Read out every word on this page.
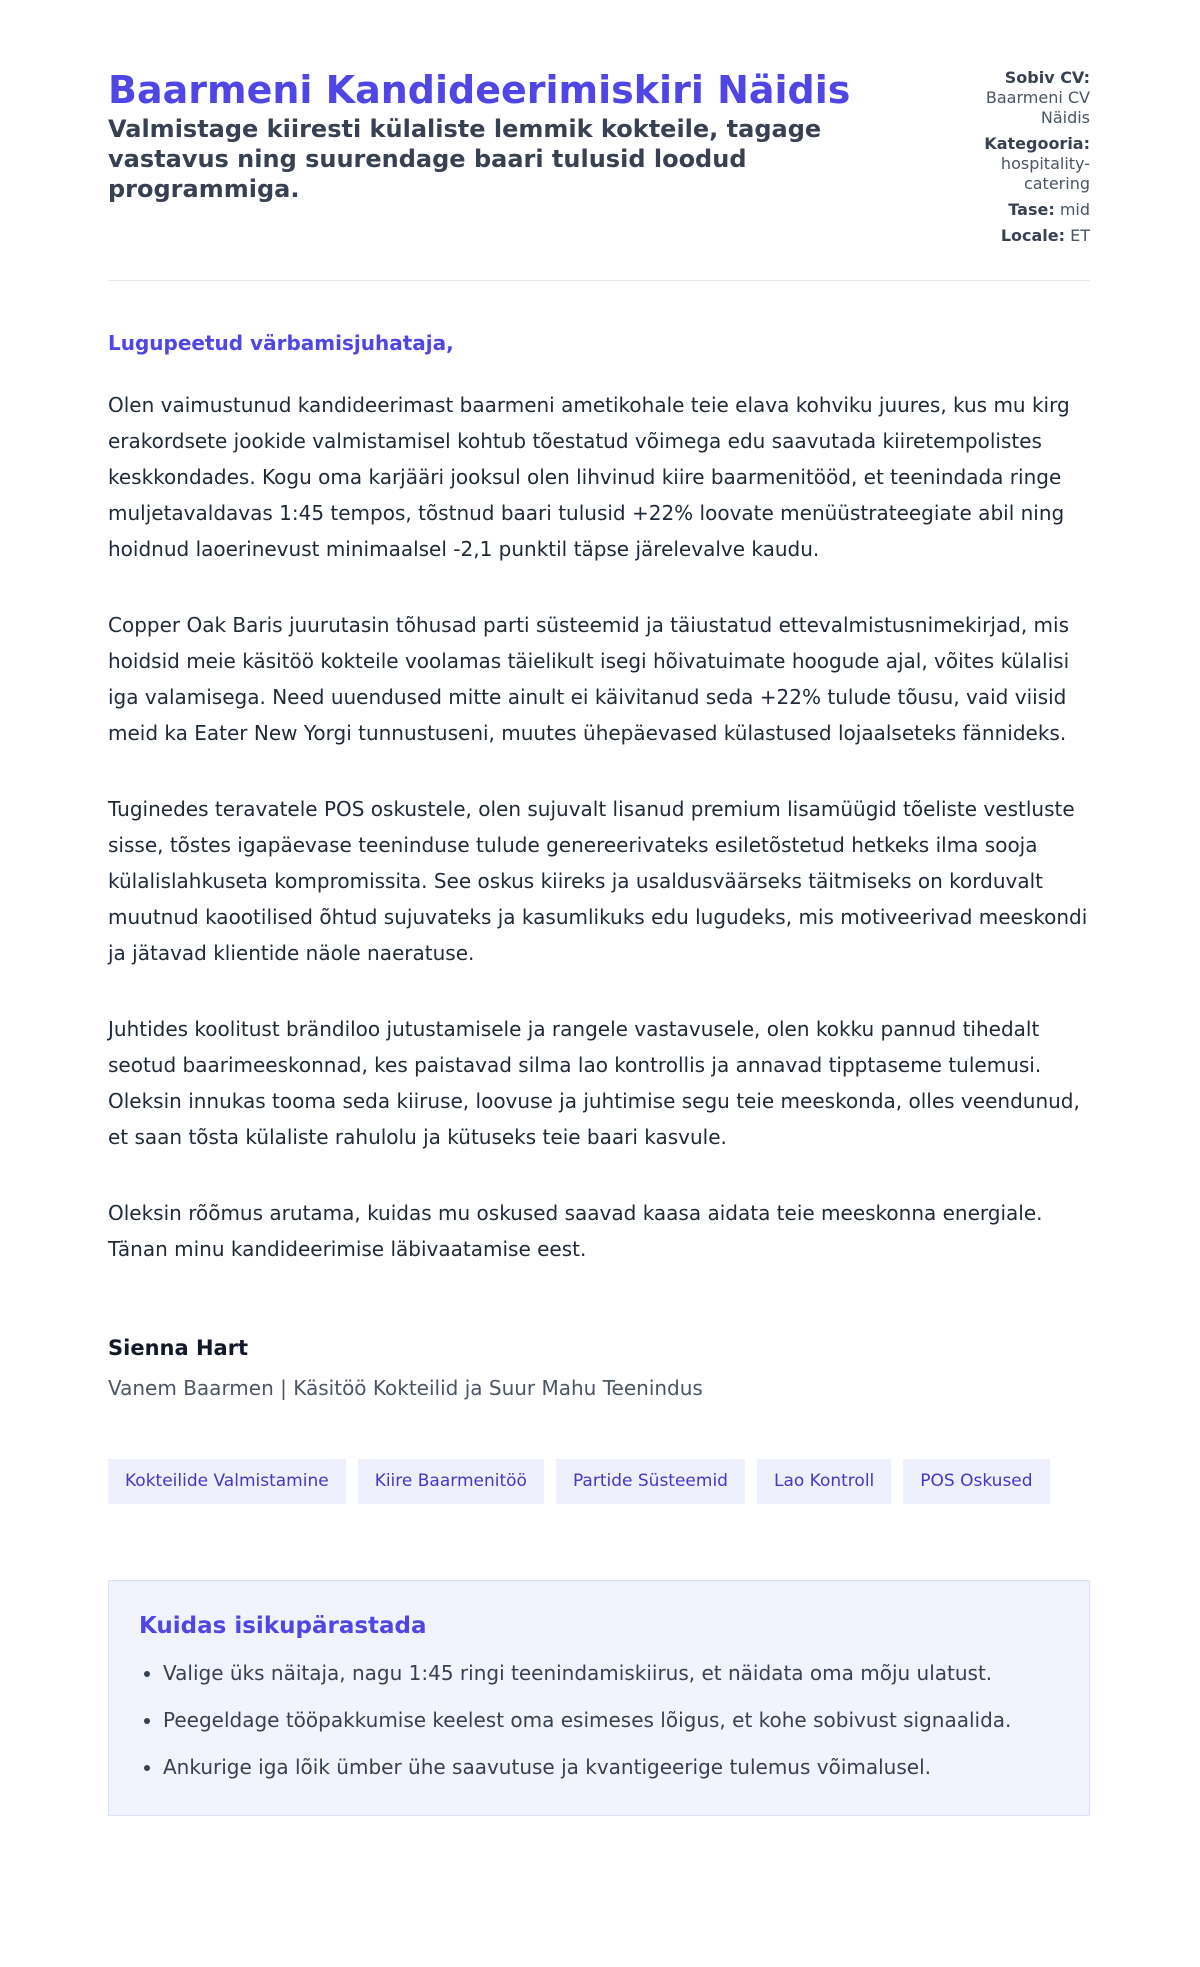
Baarmeni Kandideerimiskiri Näidis

Valmistage kiiresti külaliste lemmik kokteile, tagage vastavus ning suurendage baari tulusid loodud programmiga.

Sobiv CV:
Baarmeni CV Näidis
Kategooria:
hospitality-catering
Tase: mid
Locale: ET
Lugupeetud värbamisjuhataja,

Olen vaimustunud kandideerimast baarmeni ametikohale teie elava kohviku juures, kus mu kirg erakordsete jookide valmistamisel kohtub tõestatud võimega edu saavutada kiiretempolistes keskkondades. Kogu oma karjääri jooksul olen lihvinud kiire baarmenitööd, et teenindada ringe muljetavaldavas 1:45 tempos, tõstnud baari tulusid +22% loovate menüüstrateegiate abil ning hoidnud laoerinevust minimaalsel -2,1 punktil täpse järelevalve kaudu.

Copper Oak Baris juurutasin tõhusad parti süsteemid ja täiustatud ettevalmistusnimekirjad, mis hoidsid meie käsitöö kokteile voolamas täielikult isegi hõivatuimate hoogude ajal, võites külalisi iga valamisega. Need uuendused mitte ainult ei käivitanud seda +22% tulude tõusu, vaid viisid meid ka Eater New Yorgi tunnustuseni, muutes ühepäevased külastused lojaalseteks fännideks.

Tuginedes teravatele POS oskustele, olen sujuvalt lisanud premium lisamüügid tõeliste vestluste sisse, tõstes igapäevase teeninduse tulude genereerivateks esiletõstetud hetkeks ilma sooja külalislahkuseta kompromissita. See oskus kiireks ja usaldusväärseks täitmiseks on korduvalt muutnud kaootilised õhtud sujuvateks ja kasumlikuks edu lugudeks, mis motiveerivad meeskondi ja jätavad klientide näole naeratuse.

Juhtides koolitust brändiloo jutustamisele ja rangele vastavusele, olen kokku pannud tihedalt seotud baarimeeskonnad, kes paistavad silma lao kontrollis ja annavad tipptaseme tulemusi. Oleksin innukas tooma seda kiiruse, loovuse ja juhtimise segu teie meeskonda, olles veendunud, et saan tõsta külaliste rahulolu ja kütuseks teie baari kasvule.

Oleksin rõõmus arutama, kuidas mu oskused saavad kaasa aidata teie meeskonna energiale. Tänan minu kandideerimise läbivaatamise eest.

Sienna Hart
Vanem Baarmen | Käsitöö Kokteilid ja Suur Mahu Teenindus
Kokteilide Valmistamine	Kiire Baarmenitöö	Partide Süsteemid	Lao Kontroll	POS Oskused
Kuidas isikupärastada
• Valige üks näitaja, nagu 1:45 ringi teenindamiskiirus, et näidata oma mõju ulatust.
• Peegeldage tööpakkumise keelest oma esimeses lõigus, et kohe sobivust signaalida.
• Ankurige iga lõik ümber ühe saavutuse ja kvantigeerige tulemus võimalusel.
